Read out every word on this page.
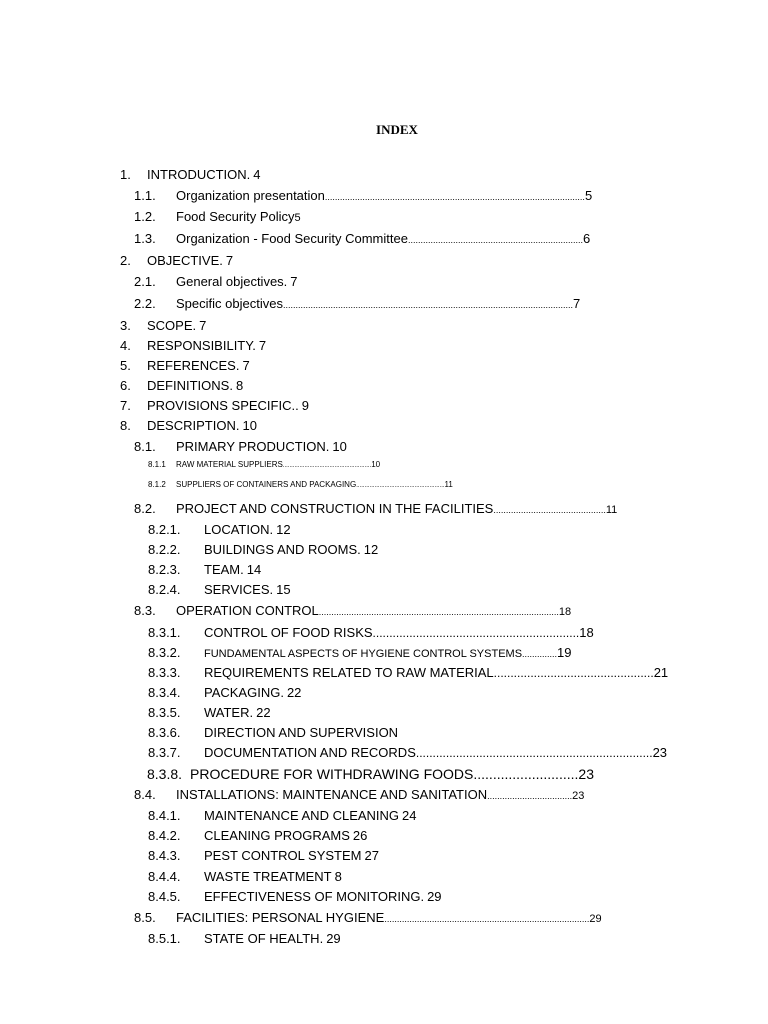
INDEX
1. INTRODUCTION. 4
1.1. Organization presentation........................................................................................................5
1.2. Food Security Policy5
1.3. Organization - Food Security Committee......................................................................6
2. OBJECTIVE. 7
2.1. General objectives. 7
2.2. Specific objectives....................................................................................................................7
3. SCOPE. 7
4. RESPONSIBILITY. 7
5. REFERENCES. 7
6. DEFINITIONS. 8
7. PROVISIONS SPECIFIC.. 9
8. DESCRIPTION. 10
8.1. PRIMARY PRODUCTION. 10
8.1.1 RAW MATERIAL SUPPLIERS.....................................................10
8.1.2 SUPPLIERS OF CONTAINERS AND PACKAGING.....................................................11
8.2. PROJECT AND CONSTRUCTION IN THE FACILITIES.............................................11
8.2.1. LOCATION. 12
8.2.2. BUILDINGS AND ROOMS. 12
8.2.3. TEAM. 14
8.2.4. SERVICES. 15
8.3. OPERATION CONTROL................................................................................................18
8.3.1. CONTROL OF FOOD RISKS..............................................................18
8.3.2. FUNDAMENTAL ASPECTS OF HYGIENE CONTROL SYSTEMS..............19
8.3.3. REQUIREMENTS RELATED TO RAW MATERIAL................................................21
8.3.4. PACKAGING. 22
8.3.5. WATER. 22
8.3.6. DIRECTION AND SUPERVISION
8.3.7. DOCUMENTATION AND RECORDS.......................................................................23
8.3.8. PROCEDURE FOR WITHDRAWING FOODS...........................23
8.4. INSTALLATIONS: MAINTENANCE AND SANITATION..................................23
8.4.1. MAINTENANCE AND CLEANING 24
8.4.2. CLEANING PROGRAMS 26
8.4.3. PEST CONTROL SYSTEM 27
8.4.4. WASTE TREATMENT 8
8.4.5. EFFECTIVENESS OF MONITORING. 29
8.5. FACILITIES: PERSONAL HYGIENE..................................................................................29
8.5.1. STATE OF HEALTH. 29
